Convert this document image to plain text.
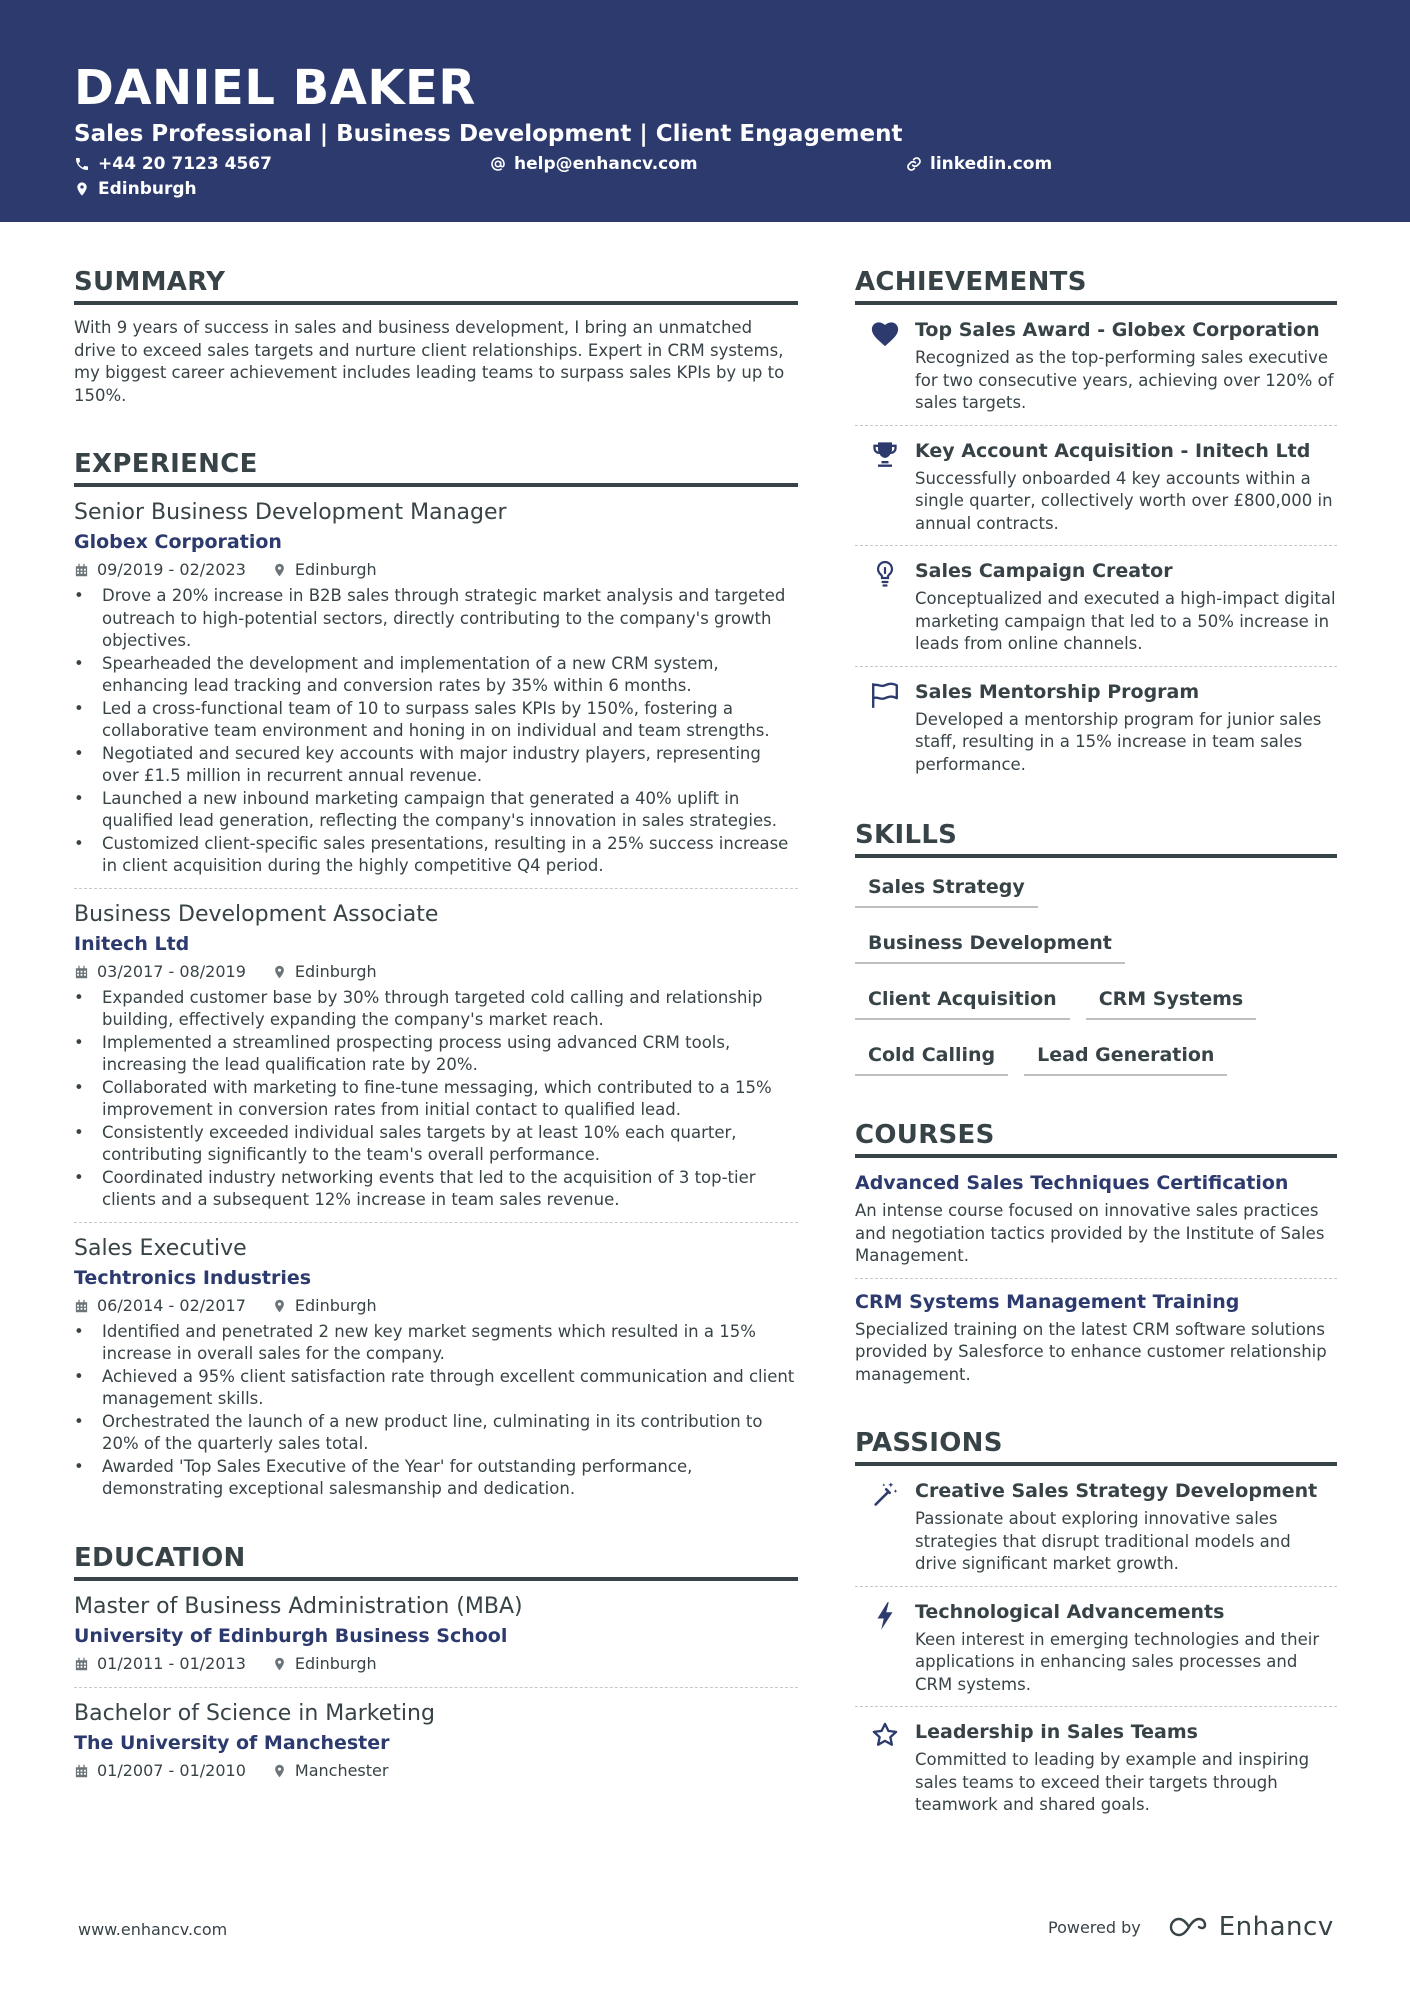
DANIEL BAKER
Sales Professional | Business Development | Client Engagement
+44 20 7123 4567	help@enhancv.com	linkedin.com
Edinburgh
SUMMARY
With 9 years of success in sales and business development, I bring an unmatched drive to exceed sales targets and nurture client relationships. Expert in CRM systems, my biggest career achievement includes leading teams to surpass sales KPIs by up to 150%.
EXPERIENCE
Senior Business Development Manager
Globex Corporation
09/2019 - 02/2023	Edinburgh
• Drove a 20% increase in B2B sales through strategic market analysis and targeted outreach to high-potential sectors, directly contributing to the company's growth objectives.
• Spearheaded the development and implementation of a new CRM system, enhancing lead tracking and conversion rates by 35% within 6 months.
• Led a cross-functional team of 10 to surpass sales KPIs by 150%, fostering a collaborative team environment and honing in on individual and team strengths.
• Negotiated and secured key accounts with major industry players, representing over £1.5 million in recurrent annual revenue.
• Launched a new inbound marketing campaign that generated a 40% uplift in qualified lead generation, reflecting the company's innovation in sales strategies.
• Customized client-specific sales presentations, resulting in a 25% success increase in client acquisition during the highly competitive Q4 period.
Business Development Associate
Initech Ltd
03/2017 - 08/2019	Edinburgh
• Expanded customer base by 30% through targeted cold calling and relationship building, effectively expanding the company's market reach.
• Implemented a streamlined prospecting process using advanced CRM tools, increasing the lead qualification rate by 20%.
• Collaborated with marketing to fine-tune messaging, which contributed to a 15% improvement in conversion rates from initial contact to qualified lead.
• Consistently exceeded individual sales targets by at least 10% each quarter, contributing significantly to the team's overall performance.
• Coordinated industry networking events that led to the acquisition of 3 top-tier clients and a subsequent 12% increase in team sales revenue.
Sales Executive
Techtronics Industries
06/2014 - 02/2017	Edinburgh
• Identified and penetrated 2 new key market segments which resulted in a 15% increase in overall sales for the company.
• Achieved a 95% client satisfaction rate through excellent communication and client management skills.
• Orchestrated the launch of a new product line, culminating in its contribution to 20% of the quarterly sales total.
• Awarded 'Top Sales Executive of the Year' for outstanding performance, demonstrating exceptional salesmanship and dedication.
EDUCATION
Master of Business Administration (MBA)
University of Edinburgh Business School
01/2011 - 01/2013	Edinburgh
Bachelor of Science in Marketing
The University of Manchester
01/2007 - 01/2010	Manchester
ACHIEVEMENTS
Top Sales Award - Globex Corporation
Recognized as the top-performing sales executive for two consecutive years, achieving over 120% of sales targets.
Key Account Acquisition - Initech Ltd
Successfully onboarded 4 key accounts within a single quarter, collectively worth over £800,000 in annual contracts.
Sales Campaign Creator
Conceptualized and executed a high-impact digital marketing campaign that led to a 50% increase in leads from online channels.
Sales Mentorship Program
Developed a mentorship program for junior sales staff, resulting in a 15% increase in team sales performance.
SKILLS
Sales Strategy
Business Development
Client Acquisition	CRM Systems
Cold Calling	Lead Generation
COURSES
Advanced Sales Techniques Certification
An intense course focused on innovative sales practices and negotiation tactics provided by the Institute of Sales Management.
CRM Systems Management Training
Specialized training on the latest CRM software solutions provided by Salesforce to enhance customer relationship management.
PASSIONS
Creative Sales Strategy Development
Passionate about exploring innovative sales strategies that disrupt traditional models and drive significant market growth.
Technological Advancements
Keen interest in emerging technologies and their applications in enhancing sales processes and CRM systems.
Leadership in Sales Teams
Committed to leading by example and inspiring sales teams to exceed their targets through teamwork and shared goals.
www.enhancv.com	Powered by	Enhancv
